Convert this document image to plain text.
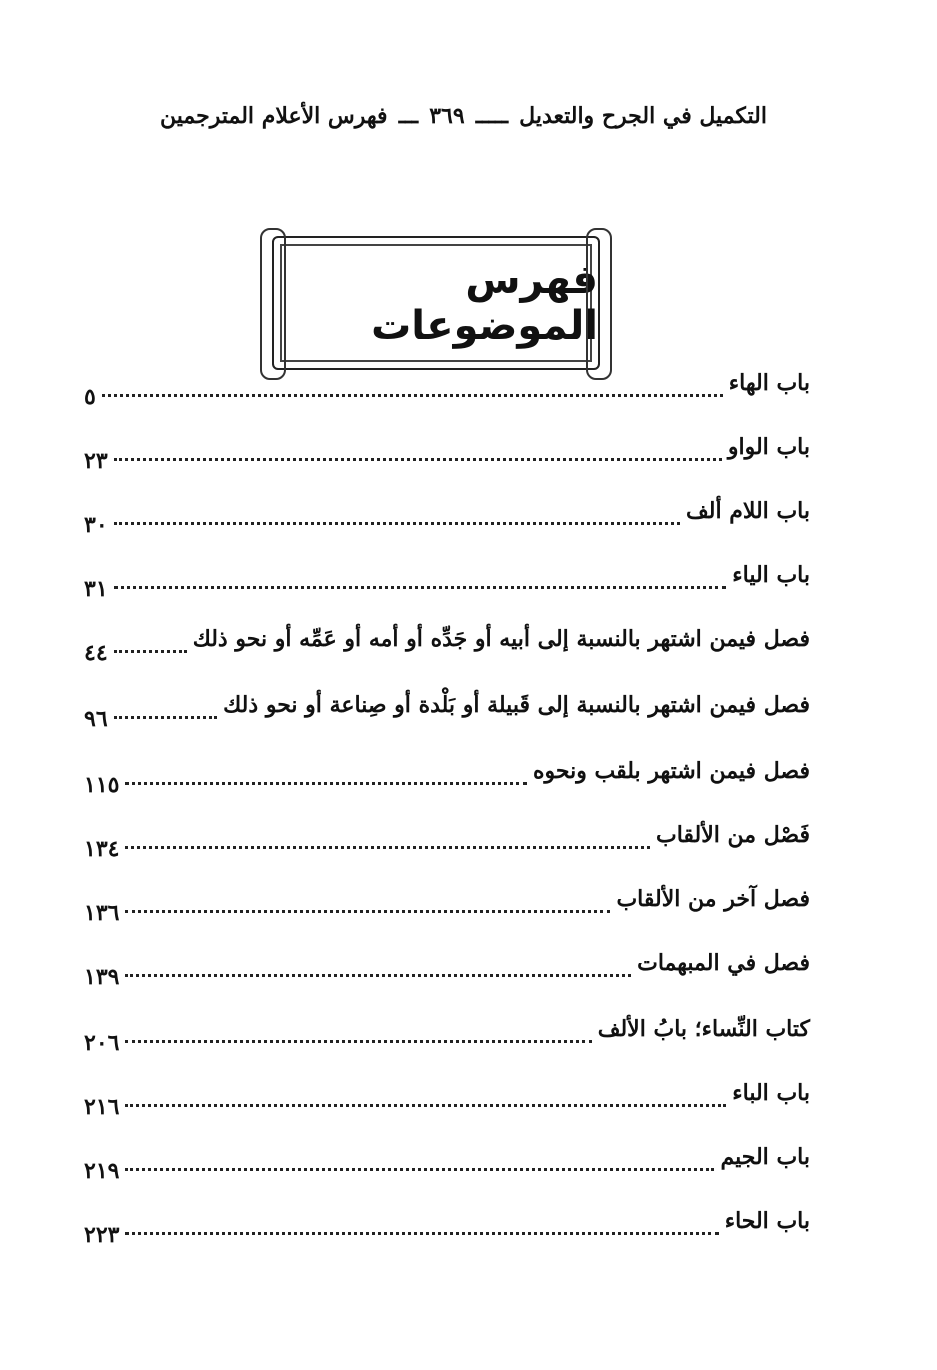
التكميل في الجرح والتعديل
ـــــ
٣٦٩
ـــ
فهرس الأعلام المترجمين
فهرس الموضوعات
٥
باب الهاء
٢٣
باب الواو
٣٠
باب اللام ألف
٣١
باب الياء
٤٤
فصل فيمن اشتهر بالنسبة إلى أبيه أو جَدِّه أو أمه أو عَمِّه أو نحو ذلك
٩٦
فصل فيمن اشتهر بالنسبة إلى قَبيلة أو بَلْدة أو صِناعة أو نحو ذلك
١١٥
فصل فيمن اشتهر بلقب ونحوه
١٣٤
فَصْل من الألقاب
١٣٦
فصل آخر من الألقاب
١٣٩
فصل في المبهمات
٢٠٦
كتاب النِّساء؛ بابُ الألف
٢١٦
باب الباء
٢١٩
باب الجيم
٢٢٣
باب الحاء
